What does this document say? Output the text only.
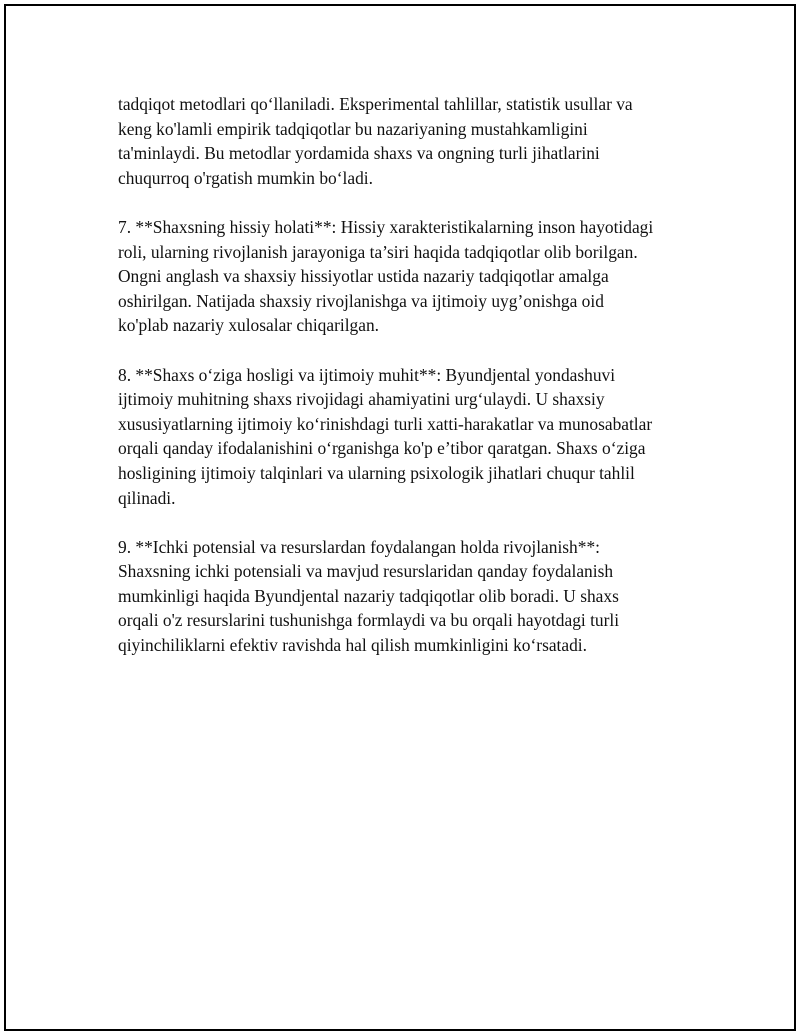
tadqiqot metodlari qo‘llaniladi. Eksperimental tahlillar, statistik usullar va
keng ko'lamli empirik tadqiqotlar bu nazariyaning mustahkamligini
ta'minlaydi. Bu metodlar yordamida shaxs va ongning turli jihatlarini
chuqurroq o'rgatish mumkin bo‘ladi.

7. **Shaxsning hissiy holati**: Hissiy xarakteristikalarning inson hayotidagi
roli, ularning rivojlanish jarayoniga ta’siri haqida tadqiqotlar olib borilgan.
Ongni anglash va shaxsiy hissiyotlar ustida nazariy tadqiqotlar amalga
oshirilgan. Natijada shaxsiy rivojlanishga va ijtimoiy uyg’onishga oid
ko'plab nazariy xulosalar chiqarilgan.

8. **Shaxs o‘ziga hosligi va ijtimoiy muhit**: Byundjental yondashuvi
ijtimoiy muhitning shaxs rivojidagi ahamiyatini urg‘ulaydi. U shaxsiy
xususiyatlarning ijtimoiy ko‘rinishdagi turli xatti-harakatlar va munosabatlar
orqali qanday ifodalanishini o‘rganishga ko'p e’tibor qaratgan. Shaxs o‘ziga
hosligining ijtimoiy talqinlari va ularning psixologik jihatlari chuqur tahlil
qilinadi.

9. **Ichki potensial va resurslardan foydalangan holda rivojlanish**:
Shaxsning ichki potensiali va mavjud resurslaridan qanday foydalanish
mumkinligi haqida Byundjental nazariy tadqiqotlar olib boradi. U shaxs
orqali o'z resurslarini tushunishga formlaydi va bu orqali hayotdagi turli
qiyinchiliklarni efektiv ravishda hal qilish mumkinligini ko‘rsatadi.
